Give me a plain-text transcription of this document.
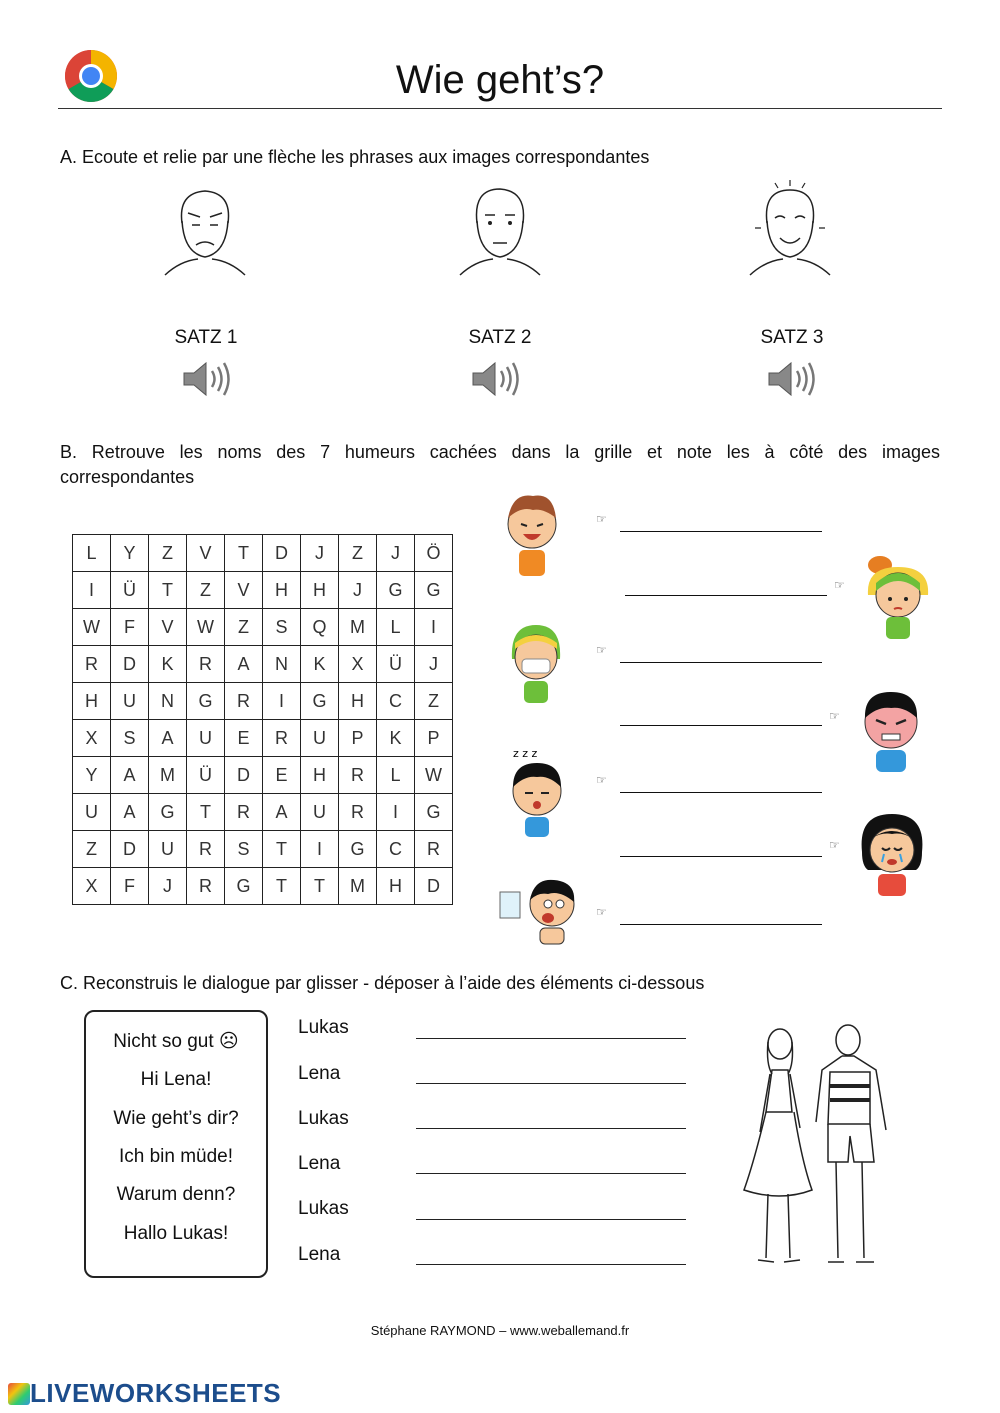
Wie geht’s?
A. Ecoute et relie par une flèche les phrases aux images correspondantes
SATZ 1	SATZ 2	SATZ 3
B. Retrouve les noms des 7 humeurs cachées dans la grille et note les à côté des images
correspondantes
L	Y	Z	V	T	D	J	Z	J	Ö
I	Ü	T	Z	V	H	H	J	G	G
W	F	V	W	Z	S	Q	M	L	I
R	D	K	R	A	N	K	X	Ü	J
H	U	N	G	R	I	G	H	C	Z
X	S	A	U	E	R	U	P	K	P
Y	A	M	Ü	D	E	H	R	L	W
U	A	G	T	R	A	U	R	I	G
Z	D	U	R	S	T	I	G	C	R
X	F	J	R	G	T	T	M	H	D
z z z
☞
☞
☞
☞
☞
☞
☞
C. Reconstruis le dialogue par glisser - déposer à l’aide des éléments ci-dessous
Nicht so gut ☹
Hi Lena!
Wie geht’s dir?
Ich bin müde!
Warum denn?
Hallo Lukas!
Lukas
Lena
Lukas
Lena
Lukas
Lena
Stéphane RAYMOND – www.weballemand.fr
LIVEWORKSHEETS
